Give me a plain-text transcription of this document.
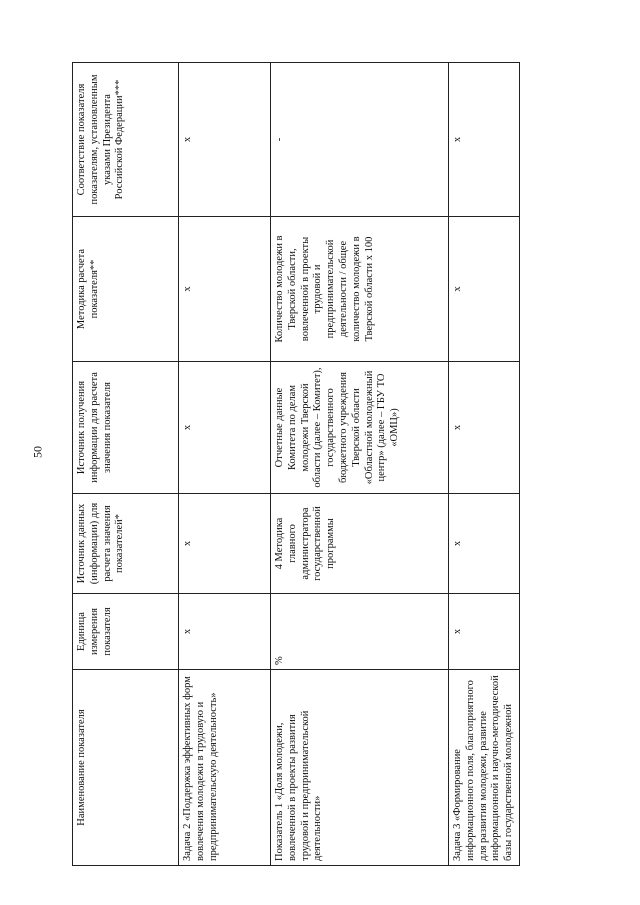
50
Наименование показателя	Единица измерения показателя	Источник данных (информации) для расчета значения показателей*	Источник получения информации для расчета значения показателя	Методика расчета показателя**	Соответствие показателя показателям, установленным указами Президента Российской Федерации***
Задача 2 «Поддержка эффективных форм вовлечения молодежи в трудовую и предпринимательскую деятельность»	х	х	х	х	х
Показатель 1 «Доля молодежи, вовлеченной в проекты развития трудовой и предпринимательской деятельности»	%	4 Методика главного администратора государственной программы	Отчетные данные Комитета по делам молодежи Тверской области (далее – Комитет), государственного бюджетного учреждения Тверской области «Областной молодежный центр» (далее – ГБУ ТО «ОМЦ»)	Количество молодежи в Тверской области, вовлеченной в проекты трудовой и предпринимательской деятельности / общее количество молодежи в Тверской области х 100	-
Задача 3 «Формирование информационного поля, благоприятного для развития молодежи, развитие информационной и научно-методической базы государственной молодежной	х	х	х	х	х
